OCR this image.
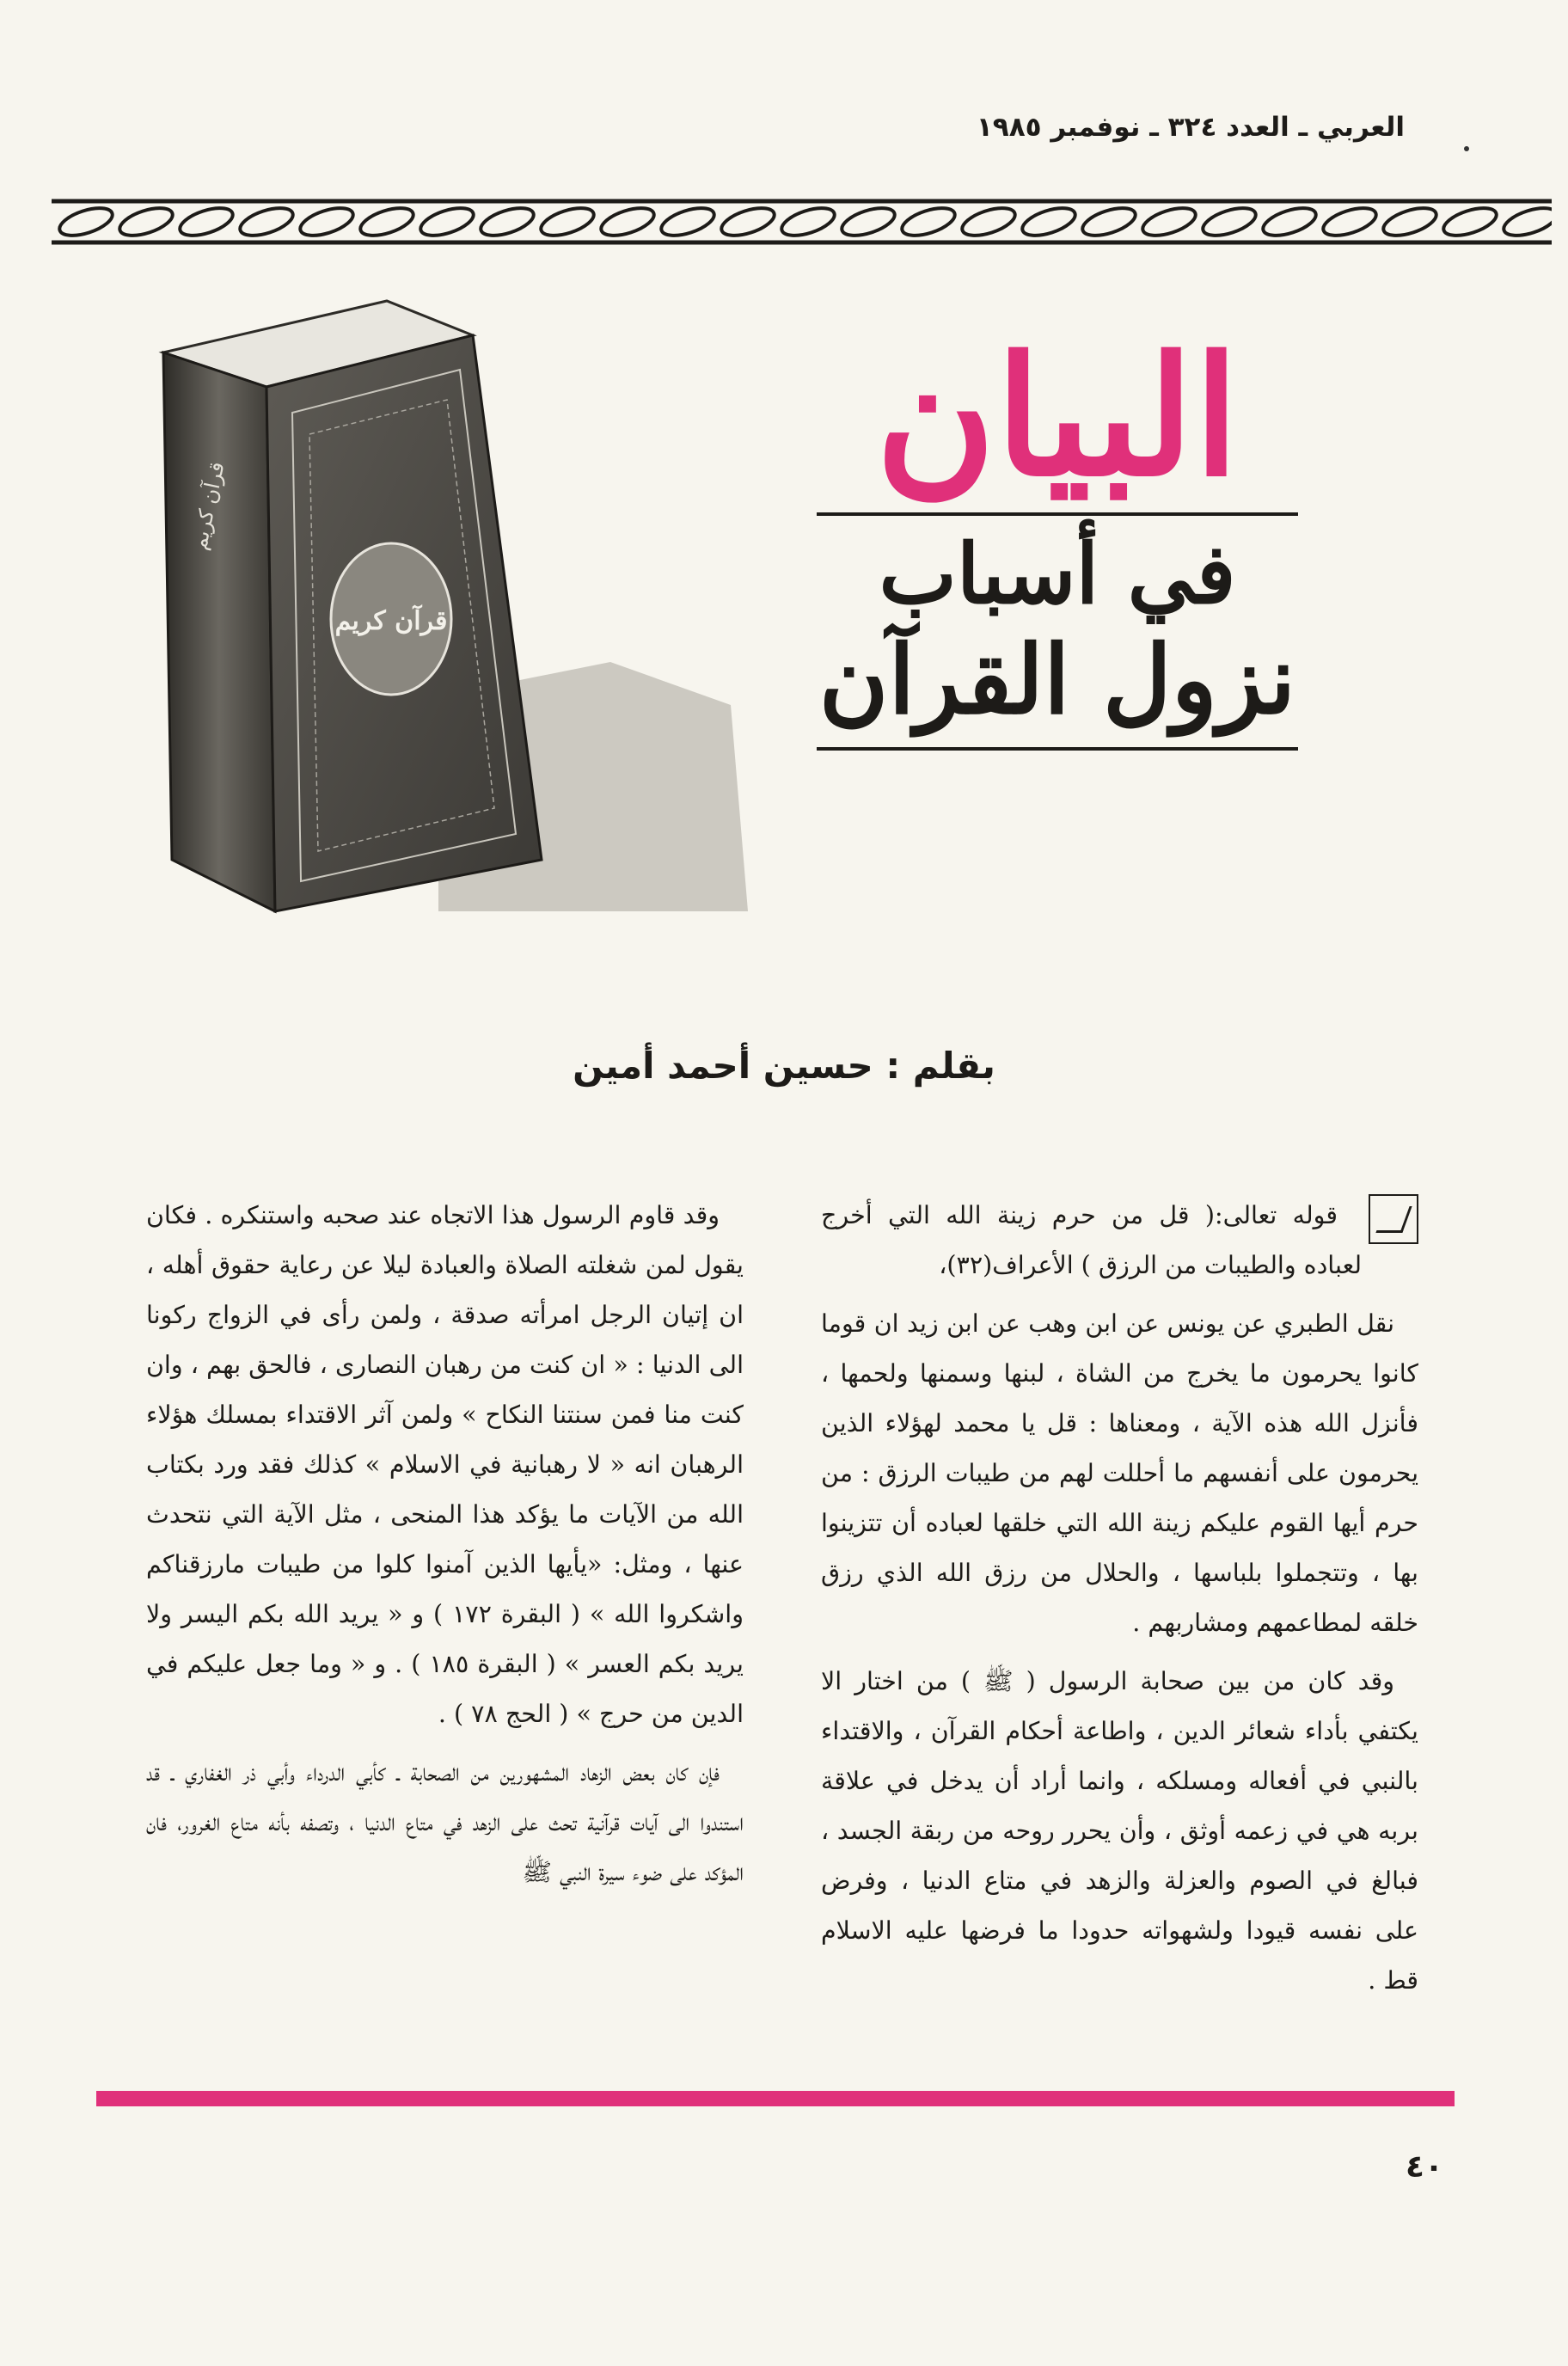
العربي ـ العدد ٣٢٤ ـ نوفمبر ١٩٨٥
قرآن كريم
قرآن كريم	البيان
في أسباب
نزول القرآن
بقلم : حسين أحمد أمين

قوله تعالى:( قل من حرم زينة الله التي أخرج لعباده والطيبات من الرزق ) الأعراف(٣٢)،

نقل الطبري عن يونس عن ابن وهب عن ابن زيد ان قوما كانوا يحرمون ما يخرج من الشاة ، لبنها وسمنها ولحمها ، فأنزل الله هذه الآية ، ومعناها : قل يا محمد لهؤلاء الذين يحرمون على أنفسهم ما أحللت لهم من طيبات الرزق : من حرم أيها القوم عليكم زينة الله التي خلقها لعباده أن تتزينوا بها ، وتتجملوا بلباسها ، والحلال من رزق الله الذي رزق خلقه لمطاعمهم ومشاربهم .

وقد كان من بين صحابة الرسول ( ﷺ ) من اختار الا يكتفي بأداء شعائر الدين ، واطاعة أحكام القرآن ، والاقتداء بالنبي في أفعاله ومسلكه ، وانما أراد أن يدخل في علاقة بربه هي في زعمه أوثق ، وأن يحرر روحه من ربقة الجسد ، فبالغ في الصوم والعزلة والزهد في متاع الدنيا ، وفرض على نفسه قيودا ولشهواته حدودا ما فرضها عليه الاسلام قط .

وقد قاوم الرسول هذا الاتجاه عند صحبه واستنكره . فكان يقول لمن شغلته الصلاة والعبادة ليلا عن رعاية حقوق أهله ، ان إتيان الرجل امرأته صدقة ، ولمن رأى في الزواج ركونا الى الدنيا : « ان كنت من رهبان النصارى ، فالحق بهم ، وان كنت منا فمن سنتنا النكاح » ولمن آثر الاقتداء بمسلك هؤلاء الرهبان انه « لا رهبانية في الاسلام » كذلك فقد ورد بكتاب الله من الآيات ما يؤكد هذا المنحى ، مثل الآية التي نتحدث عنها ، ومثل: «يأيها الذين آمنوا كلوا من طيبات مارزقناكم واشكروا الله » ( البقرة ١٧٢ ) و « يريد الله بكم اليسر ولا يريد بكم العسر » ( البقرة ١٨٥ ) . و « وما جعل عليكم في الدين من حرج » ( الحج ٧٨ ) .

فإن كان بعض الزهاد المشهورين من الصحابة ـ كأبي الدرداء وأبي ذر الغفاري ـ قد استندوا الى آيات قرآنية تحث على الزهد في متاع الدنيا ، وتصفه بأنه متاع الغرور، فان المؤكد على ضوء سيرة النبي ﷺ

٤٠
